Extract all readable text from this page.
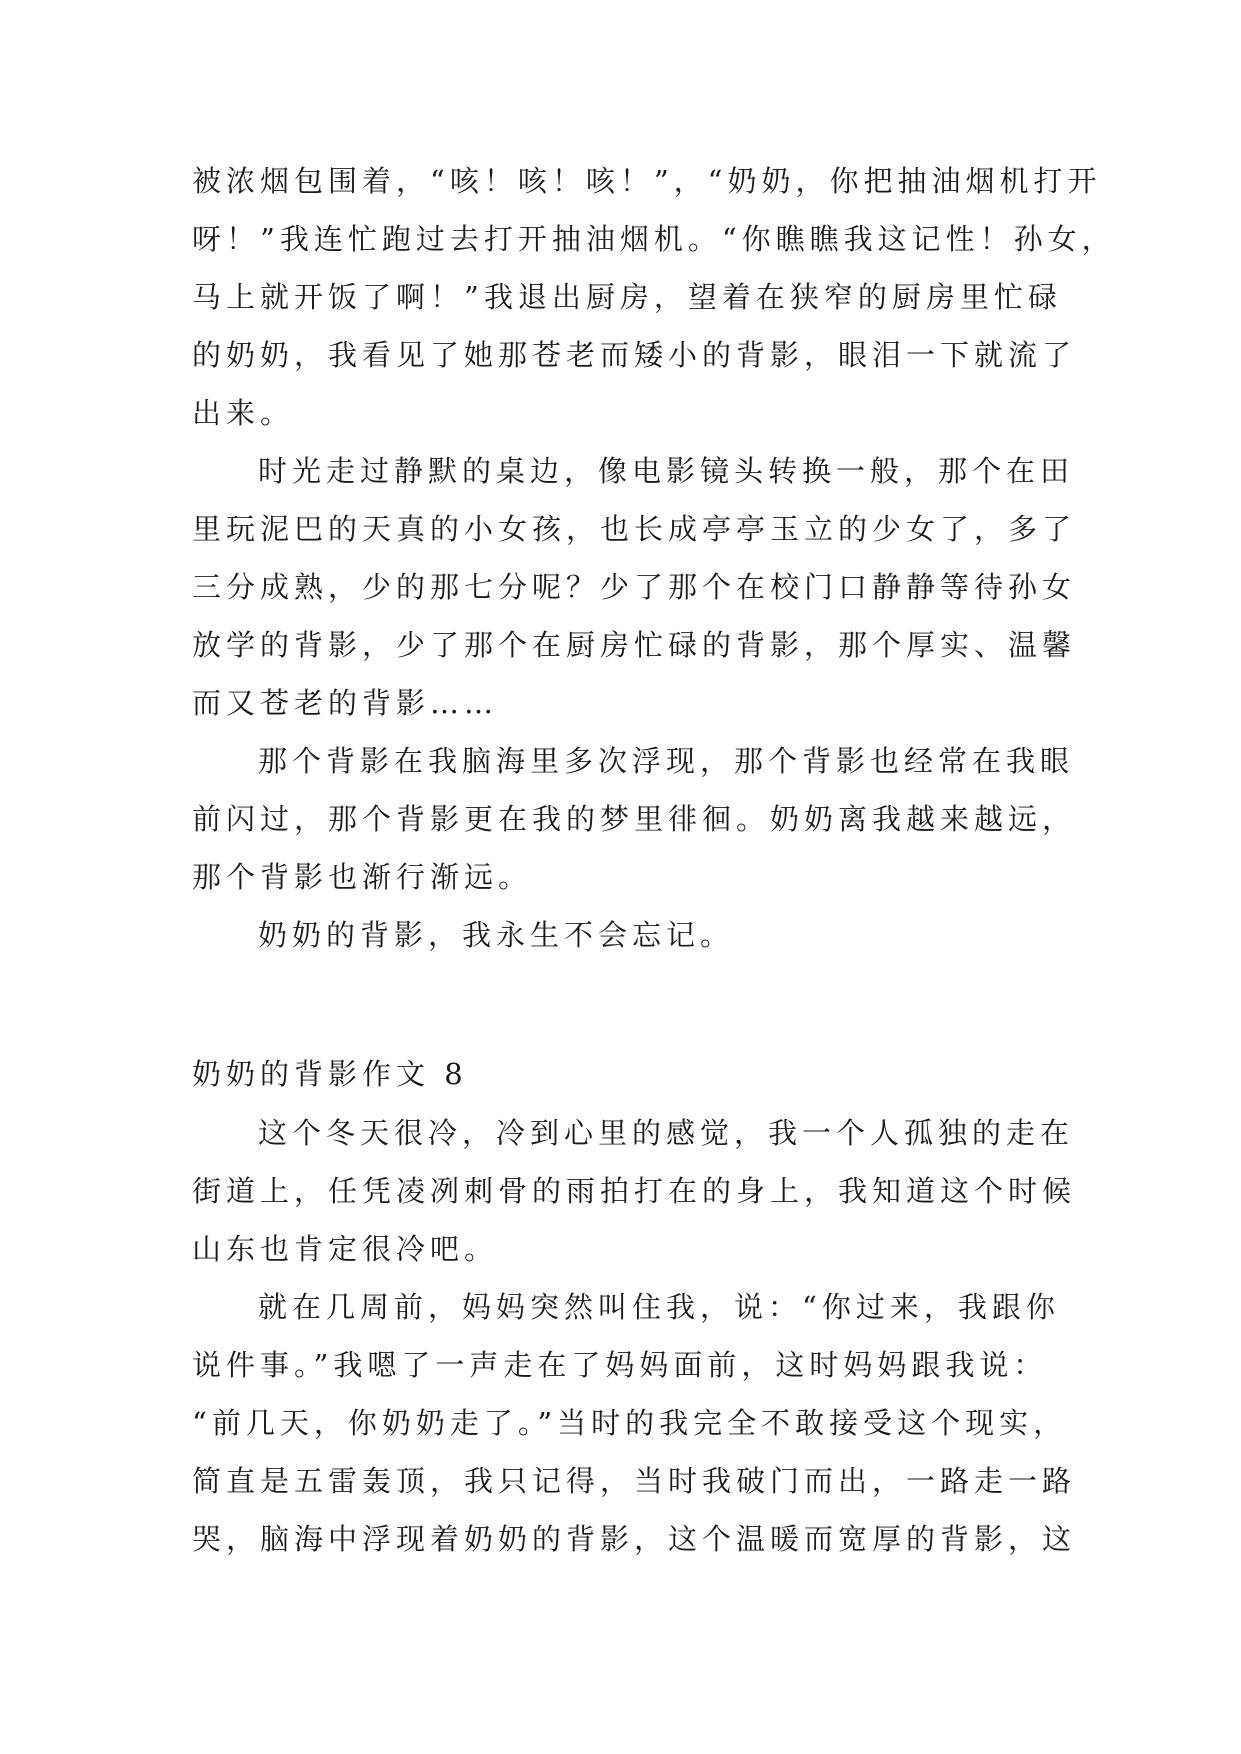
被浓烟包围着，“咳！咳！咳！”，“奶奶，你把抽油烟机打开

呀！”我连忙跑过去打开抽油烟机。“你瞧瞧我这记性！孙女，

马上就开饭了啊！”我退出厨房，望着在狭窄的厨房里忙碌

的奶奶，我看见了她那苍老而矮小的背影，眼泪一下就流了

出来。

时光走过静默的桌边，像电影镜头转换一般，那个在田

里玩泥巴的天真的小女孩，也长成亭亭玉立的少女了，多了

三分成熟，少的那七分呢？少了那个在校门口静静等待孙女

放学的背影，少了那个在厨房忙碌的背影，那个厚实、温馨

而又苍老的背影……

那个背影在我脑海里多次浮现，那个背影也经常在我眼

前闪过，那个背影更在我的梦里徘徊。奶奶离我越来越远，

那个背影也渐行渐远。

奶奶的背影，我永生不会忘记。

奶奶的背影作文 8

这个冬天很冷，冷到心里的感觉，我一个人孤独的走在

街道上，任凭凌冽刺骨的雨拍打在的身上，我知道这个时候

山东也肯定很冷吧。

就在几周前，妈妈突然叫住我，说：“你过来，我跟你

说件事。”我嗯了一声走在了妈妈面前，这时妈妈跟我说：

“前几天，你奶奶走了。”当时的我完全不敢接受这个现实，

简直是五雷轰顶，我只记得，当时我破门而出，一路走一路

哭，脑海中浮现着奶奶的背影，这个温暖而宽厚的背影，这
